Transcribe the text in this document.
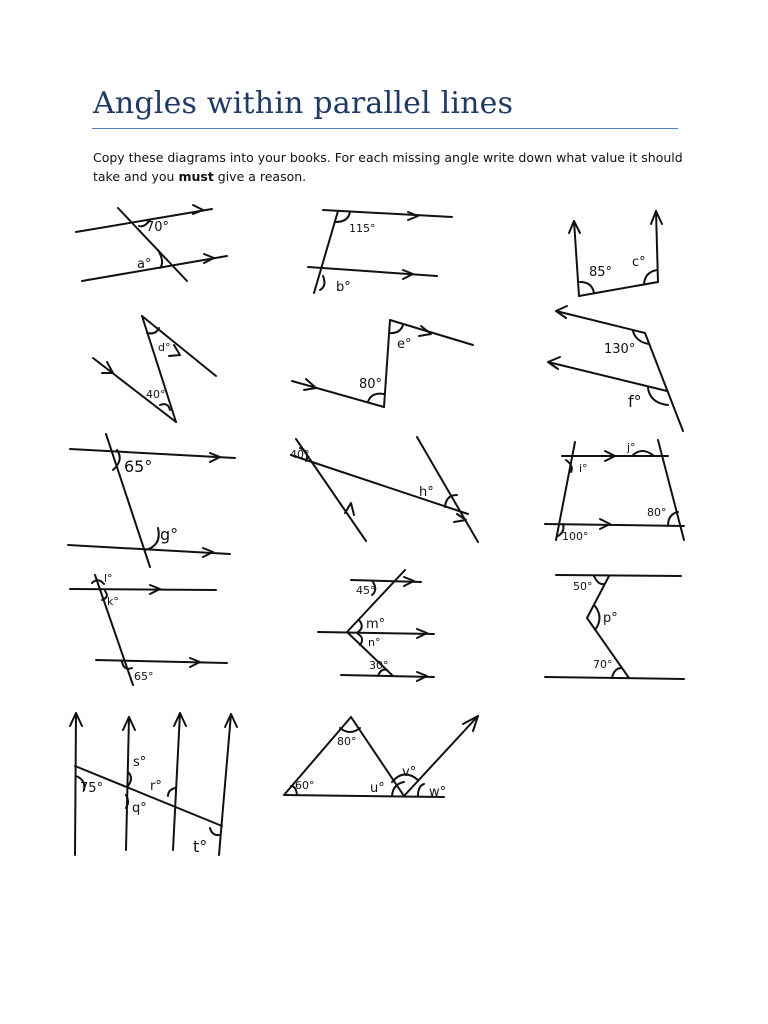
Angles within parallel lines

Copy these diagrams into your books. For each missing angle write down what value it should take and you must give a reason.

70°
a°
115°
b°
85°
c°
d°
40°
80°
e°	130°
f°
65°
g°
40°
h°
j°
i°
80°
100°
l°
k°
65°
45°
m°
n°
30°
50°
p°
70°
75°
s°
r°
q°
t°
80°
60°	u°
v°
w°
